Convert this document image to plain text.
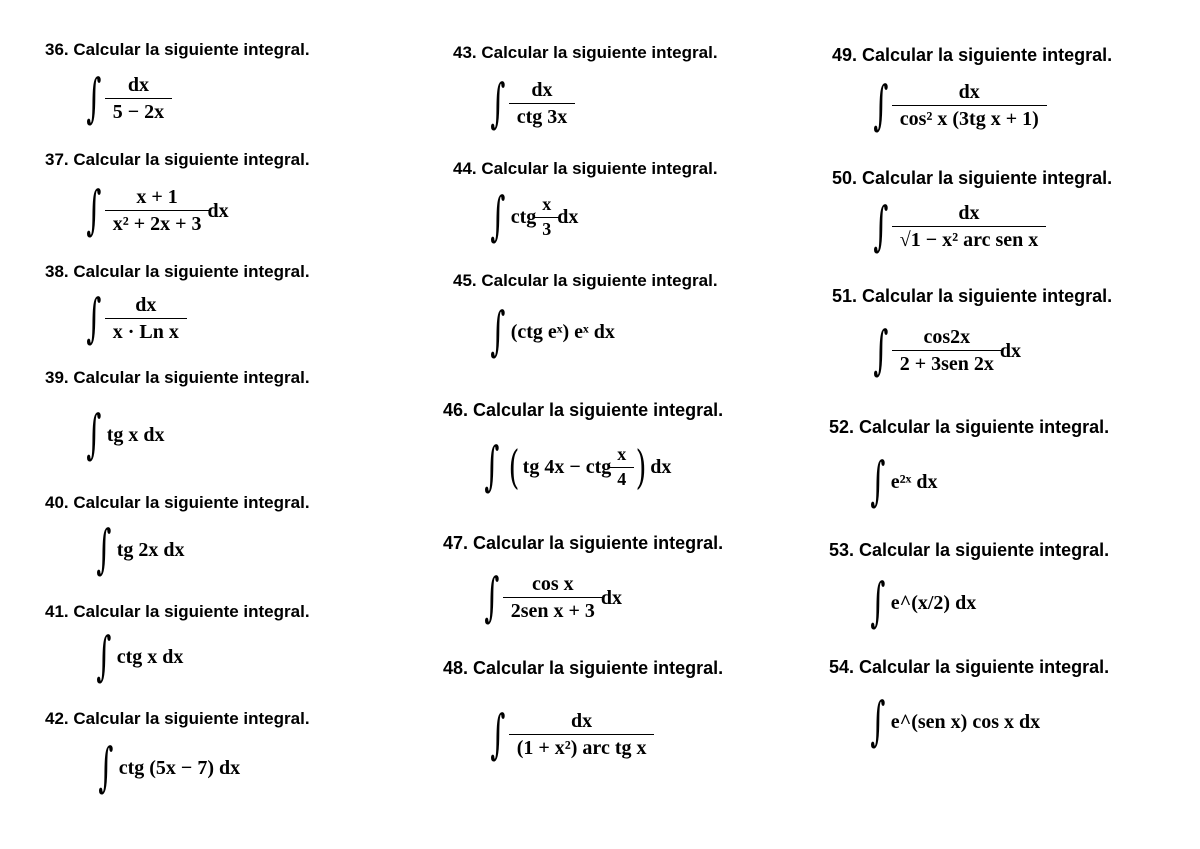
36. Calcular la siguiente integral.
∫ $\frac{dx}{5 - 2x}$
37. Calcular la siguiente integral.
∫ $\frac{x + 1}{\text{x² + 2x + 3}}$ dx
38. Calcular la siguiente integral.
∫ $\frac{dx}{\text{x · Ln x}}$
39. Calcular la siguiente integral.
∫ tg x dx
40. Calcular la siguiente integral.
∫ tg 2x dx
41. Calcular la siguiente integral.
∫ ctg x dx
42. Calcular la siguiente integral.
∫ ctg (5x − 7) dx
43. Calcular la siguiente integral.
∫ $\frac{dx}{\text{ctg 3x}}$
44. Calcular la siguiente integral.
∫ ctg $\frac{x}{3}$ dx
45. Calcular la siguiente integral.
∫ (ctg eˣ) eˣ dx
46. Calcular la siguiente integral.
∫ ( tg 4x − ctg $\frac{x}{4}$ ) dx
47. Calcular la siguiente integral.
∫ $\frac{\text{cos x}}{\text{2sen x + 3}}$ dx
48. Calcular la siguiente integral.
∫ $\frac{dx}{\text{(1 + x²) arc tg x}}$
49. Calcular la siguiente integral.
∫ $\frac{dx}{\text{cos² x (3tg x + 1)}}$
50. Calcular la siguiente integral.
∫ $\frac{dx}{\text{√1 − x² arc sen x}}$
51. Calcular la siguiente integral.
∫ $\frac{\cos 2x}{\text{2 + 3sen 2x}}$ dx
52. Calcular la siguiente integral.
∫ e²ˣ dx
53. Calcular la siguiente integral.
∫ e^(x/2) dx
54. Calcular la siguiente integral.
∫ e^(sen x) cos x dx
